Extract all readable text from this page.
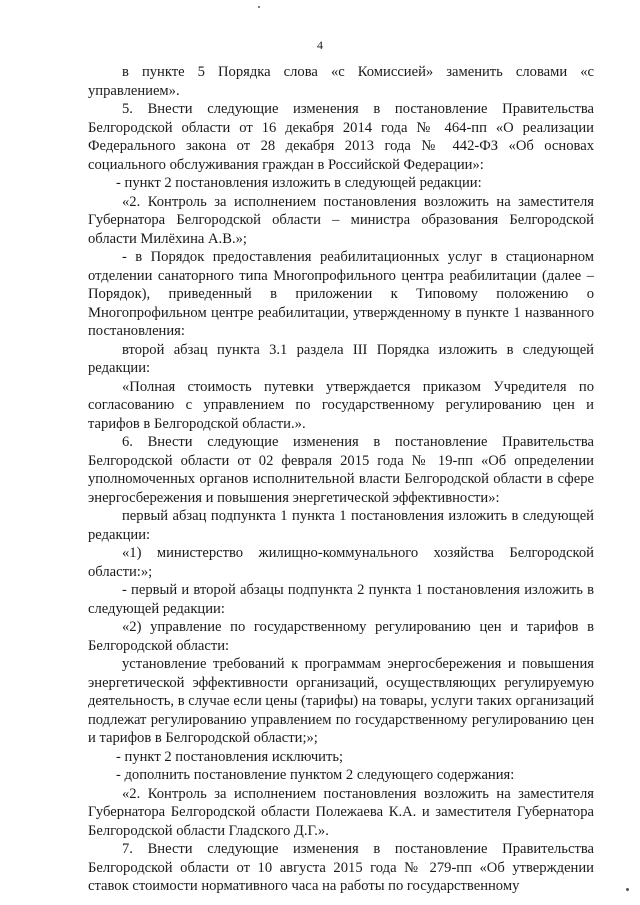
4

в пункте 5 Порядка слова «с Комиссией» заменить словами «с управлением».

5. Внести следующие изменения в постановление Правительства Белгородской области от 16 декабря 2014 года № 464-пп «О реализации Федерального закона от 28 декабря 2013 года № 442-ФЗ «Об основах социального обслуживания граждан в Российской Федерации»:

- пункт 2 постановления изложить в следующей редакции:

«2. Контроль за исполнением постановления возложить на заместителя Губернатора Белгородской области – министра образования Белгородской области Милёхина А.В.»;

- в Порядок предоставления реабилитационных услуг в стационарном отделении санаторного типа Многопрофильного центра реабилитации (далее – Порядок), приведенный в приложении к Типовому положению о Многопрофильном центре реабилитации, утвержденному в пункте 1 названного постановления:

второй абзац пункта 3.1 раздела III Порядка изложить в следующей редакции:

«Полная стоимость путевки утверждается приказом Учредителя по согласованию с управлением по государственному регулированию цен и тарифов в Белгородской области.».

6. Внести следующие изменения в постановление Правительства Белгородской области от 02 февраля 2015 года № 19-пп «Об определении уполномоченных органов исполнительной власти Белгородской области в сфере энергосбережения и повышения энергетической эффективности»:

первый абзац подпункта 1 пункта 1 постановления изложить в следующей редакции:

«1) министерство жилищно-коммунального хозяйства Белгородской области:»;

- первый и второй абзацы подпункта 2 пункта 1 постановления изложить в следующей редакции:

«2) управление по государственному регулированию цен и тарифов в Белгородской области:

установление требований к программам энергосбережения и повышения энергетической эффективности организаций, осуществляющих регулируемую деятельность, в случае если цены (тарифы) на товары, услуги таких организаций подлежат регулированию управлением по государственному регулированию цен и тарифов в Белгородской области;»;

- пункт 2 постановления исключить;

- дополнить постановление пунктом 2 следующего содержания:

«2. Контроль за исполнением постановления возложить на заместителя Губернатора Белгородской области Полежаева К.А. и заместителя Губернатора Белгородской области Гладского Д.Г.».

7. Внести следующие изменения в постановление Правительства Белгородской области от 10 августа 2015 года № 279-пп «Об утверждении ставок стоимости нормативного часа на работы по государственному
